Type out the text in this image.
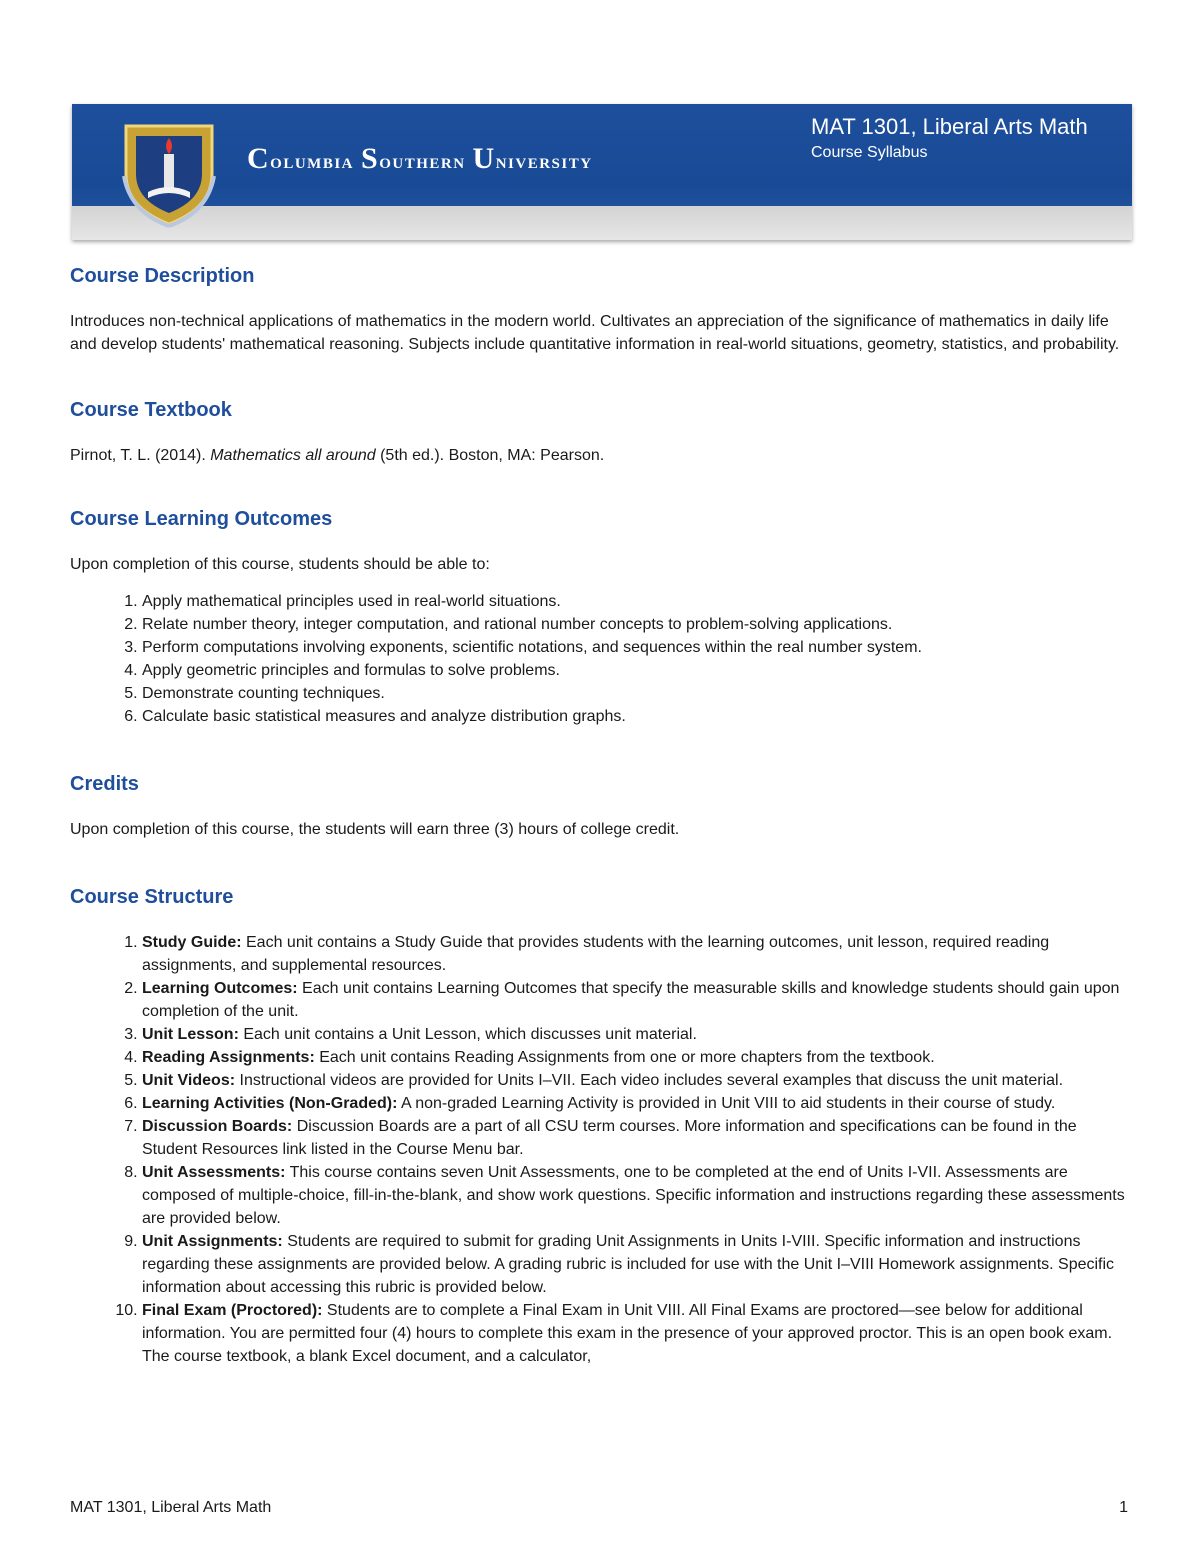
Columbia Southern University
MAT 1301, Liberal Arts Math
Course Syllabus
Course Description

Introduces non-technical applications of mathematics in the modern world. Cultivates an appreciation of the significance of mathematics in daily life and develop students' mathematical reasoning. Subjects include quantitative information in real-world situations, geometry, statistics, and probability.

Course Textbook

Pirnot, T. L. (2014). Mathematics all around (5th ed.). Boston, MA: Pearson.

Course Learning Outcomes

Upon completion of this course, students should be able to:

1. Apply mathematical principles used in real-world situations.
2. Relate number theory, integer computation, and rational number concepts to problem-solving applications.
3. Perform computations involving exponents, scientific notations, and sequences within the real number system.
4. Apply geometric principles and formulas to solve problems.
5. Demonstrate counting techniques.
6. Calculate basic statistical measures and analyze distribution graphs.
Credits

Upon completion of this course, the students will earn three (3) hours of college credit.

Course Structure
1. Study Guide: Each unit contains a Study Guide that provides students with the learning outcomes, unit lesson, required reading assignments, and supplemental resources.
2. Learning Outcomes: Each unit contains Learning Outcomes that specify the measurable skills and knowledge students should gain upon completion of the unit.
3. Unit Lesson: Each unit contains a Unit Lesson, which discusses unit material.
4. Reading Assignments: Each unit contains Reading Assignments from one or more chapters from the textbook.
5. Unit Videos: Instructional videos are provided for Units I–VII. Each video includes several examples that discuss the unit material.
6. Learning Activities (Non-Graded): A non-graded Learning Activity is provided in Unit VIII to aid students in their course of study.
7. Discussion Boards: Discussion Boards are a part of all CSU term courses. More information and specifications can be found in the Student Resources link listed in the Course Menu bar.
8. Unit Assessments: This course contains seven Unit Assessments, one to be completed at the end of Units I-VII. Assessments are composed of multiple-choice, fill-in-the-blank, and show work questions. Specific information and instructions regarding these assessments are provided below.
9. Unit Assignments: Students are required to submit for grading Unit Assignments in Units I-VIII. Specific information and instructions regarding these assignments are provided below. A grading rubric is included for use with the Unit I–VIII Homework assignments. Specific information about accessing this rubric is provided below.
10. Final Exam (Proctored): Students are to complete a Final Exam in Unit VIII. All Final Exams are proctored—see below for additional information. You are permitted four (4) hours to complete this exam in the presence of your approved proctor. This is an open book exam. The course textbook, a blank Excel document, and a calculator,
MAT 1301, Liberal Arts Math	1
